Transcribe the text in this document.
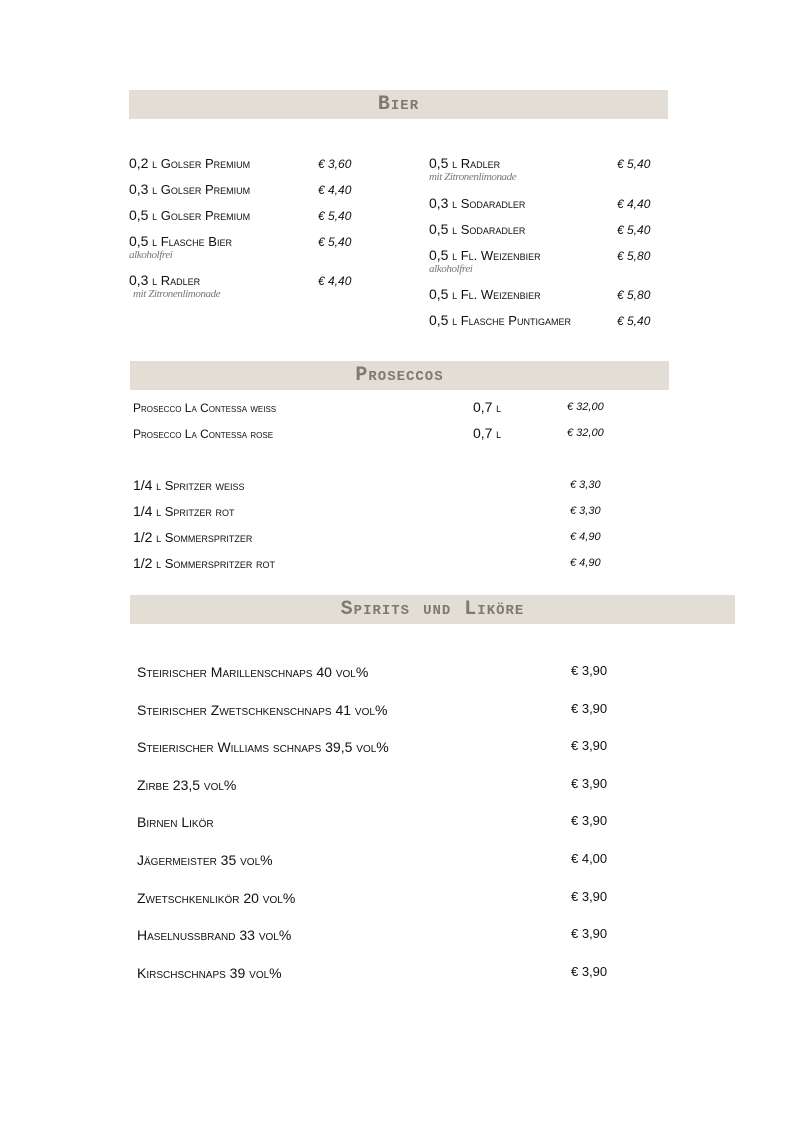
Bier
Proseccos
Spirits und Liköre
0,2 l Golser Premium	€ 3,60
0,3 l Golser Premium	€ 4,40
0,5 l Golser Premium	€ 5,40
0,5 l Flasche Bier
alkoholfrei
€ 5,40
0,3 l Radler
mit Zitronenlimonade
€ 4,40
0,5 l Radler
mit Zitronenlimonade
€ 5,40
0,3 l Sodaradler	€ 4,40
0,5 l Sodaradler	€ 5,40
0,5 l Fl. Weizenbier
alkoholfrei
€ 5,80
0,5 l Fl. Weizenbier	€ 5,80
0,5 l Flasche Puntigamer	€ 5,40
Prosecco La Contessa weiß	0,7 l	€ 32,00
Prosecco La Contessa rose	0,7 l	€ 32,00
1/4 l Spritzer weiß	€ 3,30
1/4 l Spritzer rot	€ 3,30
1/2 l Sommerspritzer	€ 4,90
1/2 l Sommerspritzer rot	€ 4,90
Steirischer Marillenschnaps 40 vol%	€ 3,90
Steirischer Zwetschkenschnaps 41 vol%	€ 3,90
Steierischer Williams schnaps 39,5 vol%	€ 3,90
Zirbe 23,5 vol%	€ 3,90
Birnen Likör	€ 3,90
Jägermeister 35 vol%	€ 4,00
Zwetschkenlikör 20 vol%	€ 3,90
Haselnussbrand 33 vol%	€ 3,90
Kirschschnaps 39 vol%	€ 3,90
